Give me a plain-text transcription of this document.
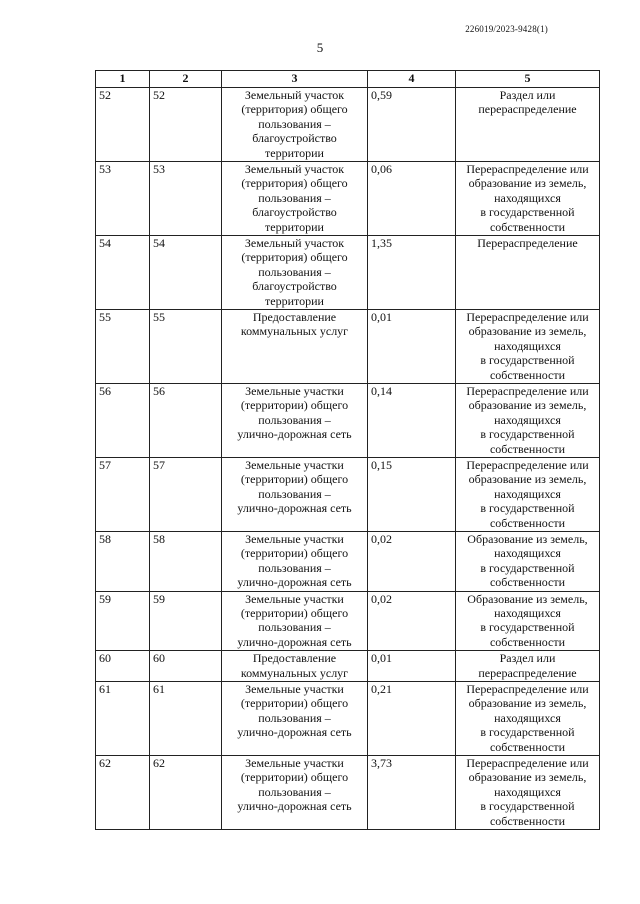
226019/2023-9428(1)
5
1	2	3	4	5
52	52	Земельный участок
(территория) общего
пользования –
благоустройство
территории	0,59	Раздел или
перераспределение

53	53	Земельный участок
(территория) общего
пользования –
благоустройство
территории	0,06	Перераспределение или
образование из земель,
находящихся
в государственной
собственности

54	54	Земельный участок
(территория) общего
пользования –
благоустройство
территории	1,35	Перераспределение

55	55	Предоставление
коммунальных услуг	0,01	Перераспределение или
образование из земель,
находящихся
в государственной
собственности

56	56	Земельные участки
(территории) общего
пользования –
улично-дорожная сеть	0,14	Перераспределение или
образование из земель,
находящихся
в государственной
собственности

57	57	Земельные участки
(территории) общего
пользования –
улично-дорожная сеть	0,15	Перераспределение или
образование из земель,
находящихся
в государственной
собственности

58	58	Земельные участки
(территории) общего
пользования –
улично-дорожная сеть	0,02	Образование из земель,
находящихся
в государственной
собственности

59	59	Земельные участки
(территории) общего
пользования –
улично-дорожная сеть	0,02	Образование из земель,
находящихся
в государственной
собственности

60	60	Предоставление
коммунальных услуг	0,01	Раздел или
перераспределение

61	61	Земельные участки
(территории) общего
пользования –
улично-дорожная сеть	0,21	Перераспределение или
образование из земель,
находящихся
в государственной
собственности

62	62	Земельные участки
(территории) общего
пользования –
улично-дорожная сеть	3,73	Перераспределение или
образование из земель,
находящихся
в государственной
собственности
